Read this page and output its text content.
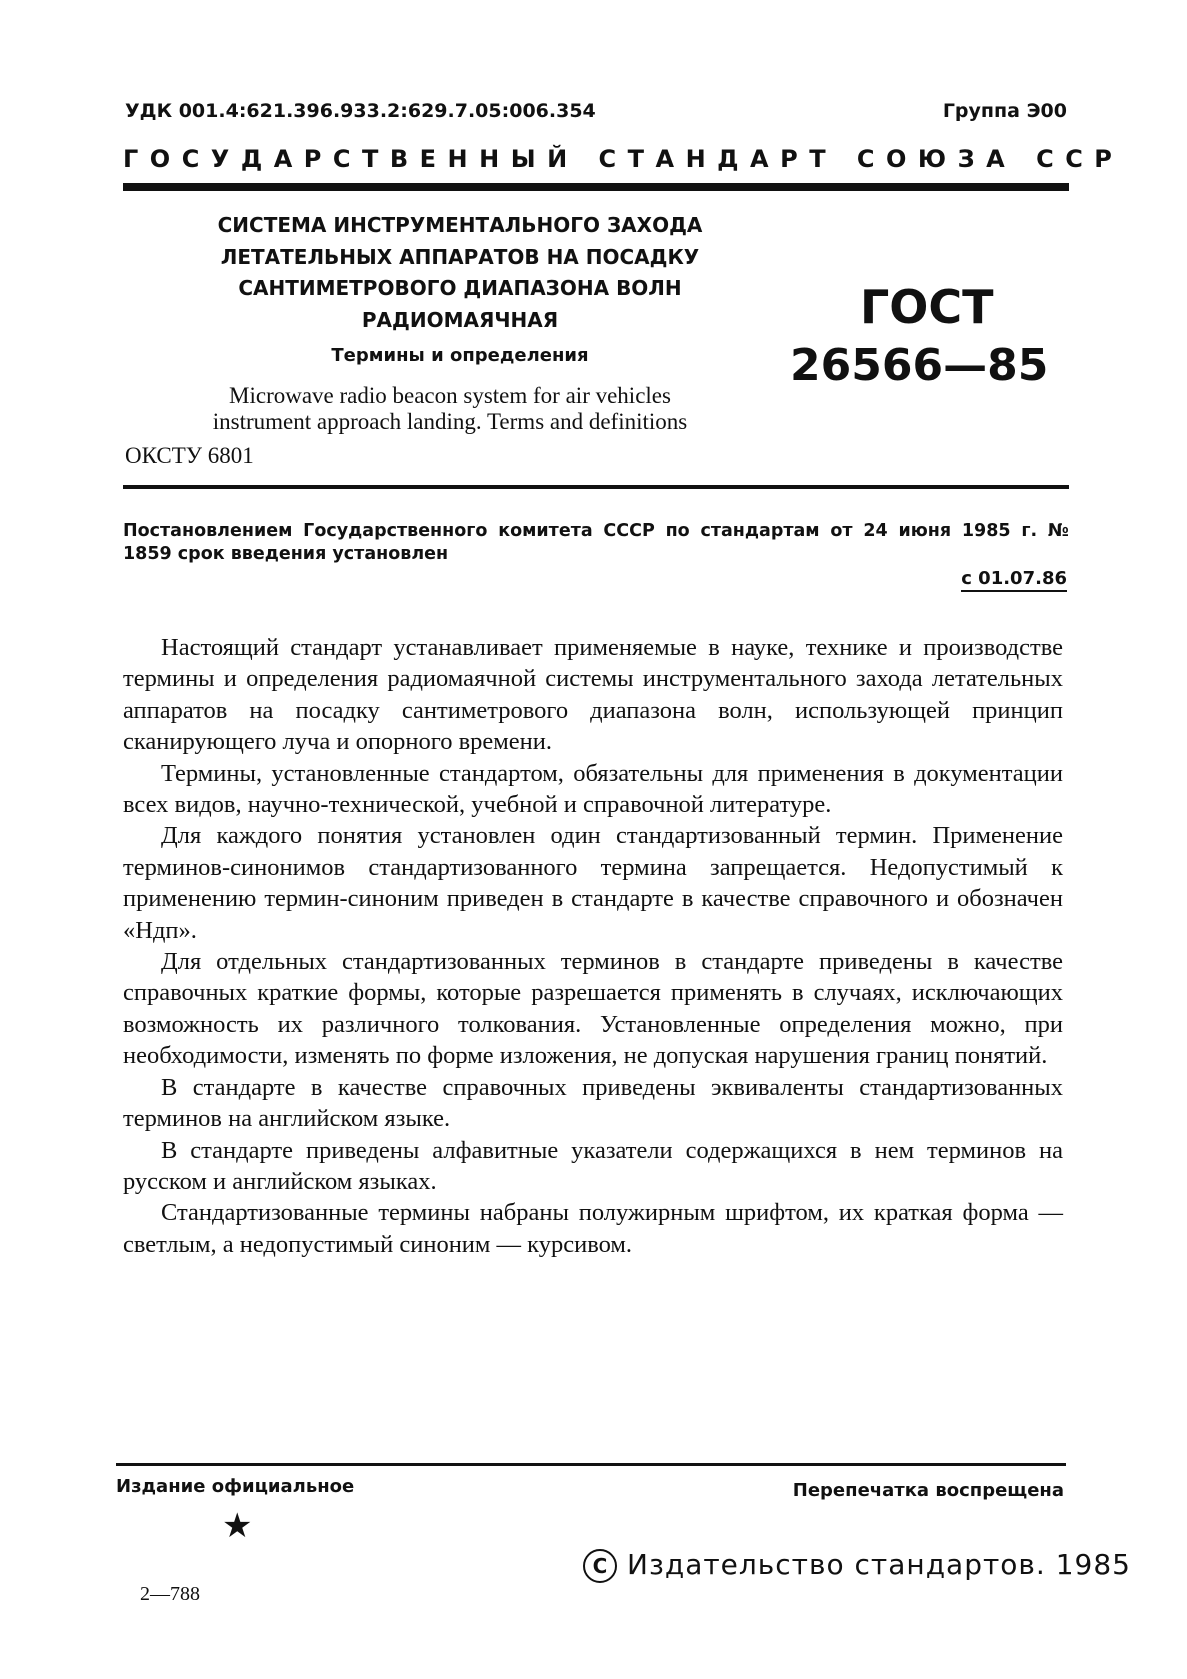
УДК 001.4:621.396.933.2:629.7.05:006.354	Группа Э00
ГОСУДАРСТВЕННЫЙ СТАНДАРТ СОЮЗА ССР
СИСТЕМА ИНСТРУМЕНТАЛЬНОГО ЗАХОДА
ЛЕТАТЕЛЬНЫХ АППАРАТОВ НА ПОСАДКУ
САНТИМЕТРОВОГО ДИАПАЗОНА ВОЛН
РАДИОМАЯЧНАЯ
Термины и определения
Microwave radio beacon system for air vehicles
instrument approach landing. Terms and definitions
ОКСТУ 6801
ГОСТ
26566—85
Постановлением Государственного комитета СССР по стандартам от 24 июня 1985 г. № 1859 срок введения установлен
с 01.07.86

Настоящий стандарт устанавливает применяемые в науке, технике и производстве термины и определения радиомаячной системы инструментального захода летательных аппаратов на посадку сантиметрового диапазона волн, использующей принцип сканирующего луча и опорного времени.

Термины, установленные стандартом, обязательны для применения в документации всех видов, научно-технической, учебной и справочной литературе.

Для каждого понятия установлен один стандартизованный термин. Применение терминов-синонимов стандартизованного термина запрещается. Недопустимый к применению термин-синоним приведен в стандарте в качестве справочного и обозначен «Ндп».

Для отдельных стандартизованных терминов в стандарте приведены в качестве справочных краткие формы, которые разрешается применять в случаях, исключающих возможность их различного толкования. Установленные определения можно, при необходимости, изменять по форме изложения, не допуская нарушения границ понятий.

В стандарте в качестве справочных приведены эквиваленты стандартизованных терминов на английском языке.

В стандарте приведены алфавитные указатели содержащихся в нем терминов на русском и английском языках.

Стандартизованные термины набраны полужирным шрифтом, их краткая форма — светлым, а недопустимый синоним — курсивом.

Издание официальное	Перепечатка воспрещена
★
C Издательство стандартов. 1985
2—788
